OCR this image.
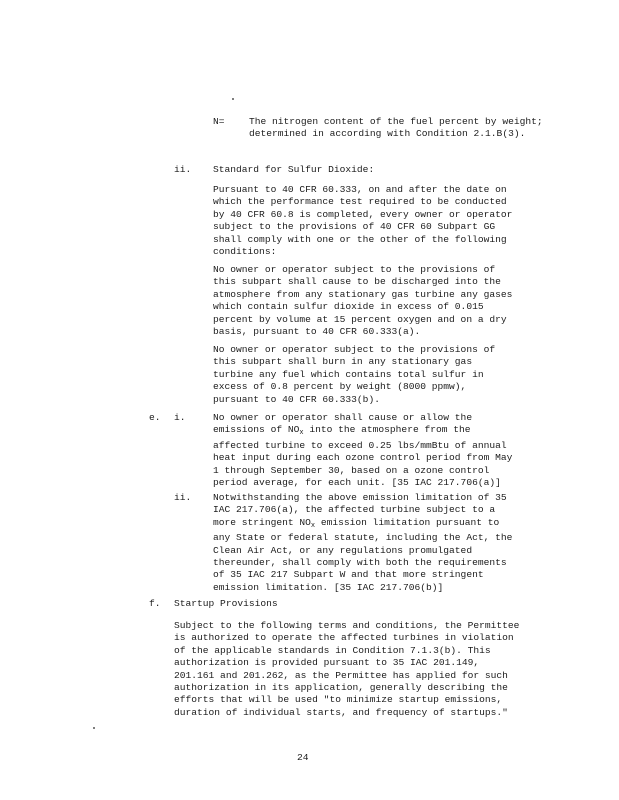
N=	The nitrogen content of the fuel percent by weight; determined in according with Condition 2.1.B(3).
ii. Standard for Sulfur Dioxide:
Pursuant to 40 CFR 60.333, on and after the date on which the performance test required to be conducted by 40 CFR 60.8 is completed, every owner or operator subject to the provisions of 40 CFR 60 Subpart GG shall comply with one or the other of the following conditions:
No owner or operator subject to the provisions of this subpart shall cause to be discharged into the atmosphere from any stationary gas turbine any gases which contain sulfur dioxide in excess of 0.015 percent by volume at 15 percent oxygen and on a dry basis, pursuant to 40 CFR 60.333(a).
No owner or operator subject to the provisions of this subpart shall burn in any stationary gas turbine any fuel which contains total sulfur in excess of 0.8 percent by weight (8000 ppmw), pursuant to 40 CFR 60.333(b).
e. i.	No owner or operator shall cause or allow the emissions of $NO_x$ into the atmosphere from the affected turbine to exceed 0.25 lbs/mmBtu of annual heat input during each ozone control period from May 1 through September 30, based on a ozone control period average, for each unit. [35 IAC 217.706(a)]
ii. Notwithstanding the above emission limitation of 35 IAC 217.706(a), the affected turbine subject to a more stringent $NO_x$ emission limitation pursuant to any State or federal statute, including the Act, the Clean Air Act, or any regulations promulgated thereunder, shall comply with both the requirements of 35 IAC 217 Subpart W and that more stringent emission limitation. [35 IAC 217.706(b)]
f. Startup Provisions
Subject to the following terms and conditions, the Permittee is authorized to operate the affected turbines in violation of the applicable standards in Condition 7.1.3(b). This authorization is provided pursuant to 35 IAC 201.149, 201.161 and 201.262, as the Permittee has applied for such authorization in its application, generally describing the efforts that will be used "to minimize startup emissions, duration of individual starts, and frequency of startups."
24
